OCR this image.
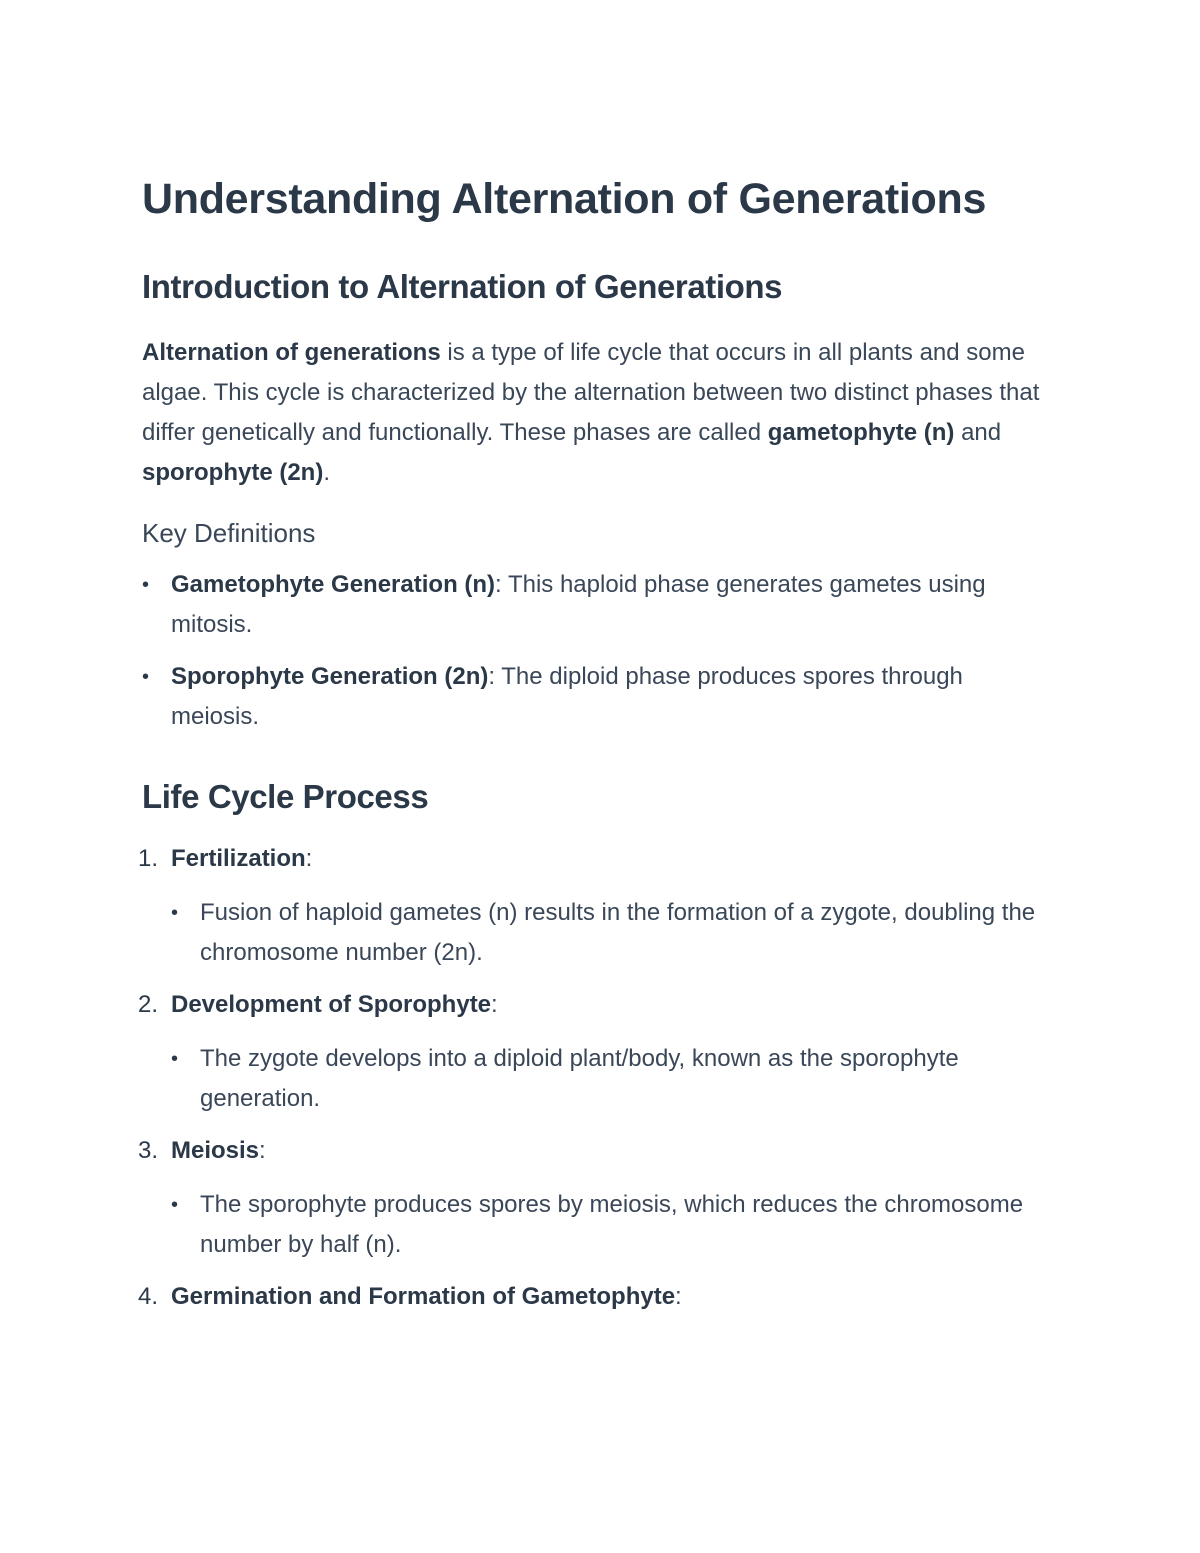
Understanding Alternation of Generations
Introduction to Alternation of Generations

Alternation of generations is a type of life cycle that occurs in all plants and some algae. This cycle is characterized by the alternation between two distinct phases that differ genetically and functionally. These phases are called gametophyte (n) and sporophyte (2n).

Key Definitions
• Gametophyte Generation (n): This haploid phase generates gametes using mitosis.
• Sporophyte Generation (2n): The diploid phase produces spores through meiosis.
Life Cycle Process
1. Fertilization:
• Fusion of haploid gametes (n) results in the formation of a zygote, doubling the chromosome number (2n).
2. Development of Sporophyte:
• The zygote develops into a diploid plant/body, known as the sporophyte generation.
3. Meiosis:
• The sporophyte produces spores by meiosis, which reduces the chromosome number by half (n).
4. Germination and Formation of Gametophyte:
